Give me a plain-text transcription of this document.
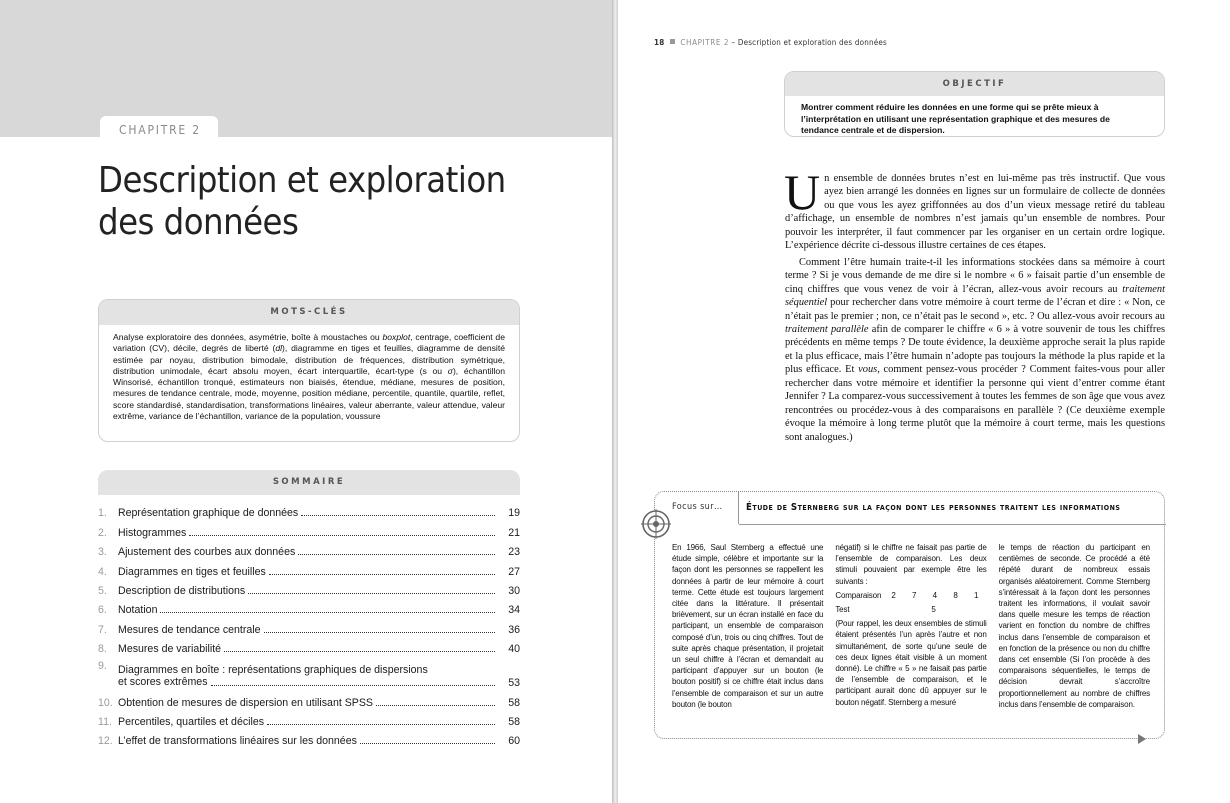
CHAPITRE 2
Description et exploration
des données
MOTS-CLÉS
Analyse exploratoire des données, asymétrie, boîte à moustaches ou boxplot, centrage, coefficient de variation (CV), décile, degrés de liberté (dl), diagramme en tiges et feuilles, diagramme de densité estimée par noyau, distribution bimodale, distribution de fréquences, distribution symétrique, distribution unimodale, écart absolu moyen, écart interquartile, écart-type (s ou σ), échantillon Winsorisé, échantillon tronqué, estimateurs non biaisés, étendue, médiane, mesures de position, mesures de tendance centrale, mode, moyenne, position médiane, percentile, quantile, quartile, reflet, score standardisé, standardisation, transformations linéaires, valeur aberrante, valeur attendue, valeur extrême, variance de l’échantillon, variance de la population, voussure
SOMMAIRE
1.	Représentation graphique de données	19
2.	Histogrammes	21
3.	Ajustement des courbes aux données	23
4.	Diagrammes en tiges et feuilles	27
5.	Description de distributions	30
6.	Notation	34
7.	Mesures de tendance centrale	36
8.	Mesures de variabilité	40
9.	Diagrammes en boîte : représentations graphiques de dispersions
et scores extrêmes	53
10. Obtention de mesures de dispersion en utilisant SPSS	58
11. Percentiles, quartiles et déciles	58
12. L’effet de transformations linéaires sur les données	60
18 CHAPITRE 2 – Description et exploration des données
OBJECTIF
Montrer comment réduire les données en une forme qui se prête mieux à l’interprétation en utilisant une représentation graphique et des mesures de tendance centrale et de dispersion.

Un ensemble de données brutes n’est en lui-même pas très instructif. Que vous ayez bien arrangé les données en lignes sur un formulaire de collecte de données ou que vous les ayez griffonnées au dos d’un vieux message retiré du tableau d’affichage, un ensemble de nombres n’est jamais qu’un ensemble de nombres. Pour pouvoir les interpréter, il faut commencer par les organiser en un certain ordre logique. L’expérience décrite ci-dessous illustre certaines de ces étapes.

Comment l’être humain traite-t-il les informations stockées dans sa mémoire à court terme ? Si je vous demande de me dire si le nombre « 6 » faisait partie d’un ensemble de cinq chiffres que vous venez de voir à l’écran, allez-vous avoir recours au traitement séquentiel pour rechercher dans votre mémoire à court terme de l’écran et dire : « Non, ce n’était pas le premier ; non, ce n’était pas le second », etc. ? Ou allez-vous avoir recours au traitement parallèle afin de comparer le chiffre « 6 » à votre souvenir de tous les chiffres précédents en même temps ? De toute évidence, la deuxième approche serait la plus rapide et la plus efficace, mais l’être humain n’adopte pas toujours la méthode la plus rapide et la plus efficace. Et vous, comment pensez-vous procéder ? Comment faites-vous pour aller rechercher dans votre mémoire et identifier la personne qui vient d’entrer comme étant Jennifer ? La comparez-vous successivement à toutes les femmes de son âge que vous avez rencontrées ou procédez-vous à des comparaisons en parallèle ? (Ce deuxième exemple évoque la mémoire à long terme plutôt que la mémoire à court terme, mais les questions sont analogues.)

Focus sur…	Étude de Sternberg sur la façon dont les personnes traitent les informations

En 1966, Saul Sternberg a effectué une étude simple, célèbre et importante sur la façon dont les personnes se rappellent les données à partir de leur mémoire à court terme. Cette étude est toujours largement citée dans la littérature. Il présentait brièvement, sur un écran installé en face du participant, un ensemble de comparaison composé d’un, trois ou cinq chiffres. Tout de suite après chaque présentation, il projetait un seul chiffre à l’écran et demandait au participant d’appuyer sur un bouton (le bouton positif) si ce chiffre était inclus dans l’ensemble de comparaison et sur un autre bouton (le bouton

négatif) si le chiffre ne faisait pas partie de l’ensemble de comparaison. Les deux stimuli pouvaient par exemple être les suivants :

Comparaison	2 7 4 8 1
Test	5

(Pour rappel, les deux ensembles de stimuli étaient présentés l’un après l’autre et non simultanément, de sorte qu’une seule de ces deux lignes était visible à un moment donné). Le chiffre « 5 » ne faisait pas partie de l’ensemble de comparaison, et le participant aurait donc dû appuyer sur le bouton négatif. Sternberg a mesuré

le temps de réaction du participant en centièmes de seconde. Ce procédé a été répété durant de nombreux essais organisés aléatoirement. Comme Sternberg s’intéressait à la façon dont les personnes traitent les informations, il voulait savoir dans quelle mesure les temps de réaction varient en fonction du nombre de chiffres inclus dans l’ensemble de comparaison et en fonction de la présence ou non du chiffre dans cet ensemble (Si l’on procède à des comparaisons séquentielles, le temps de décision devrait s’accroître proportionnellement au nombre de chiffres inclus dans l’ensemble de comparaison.
